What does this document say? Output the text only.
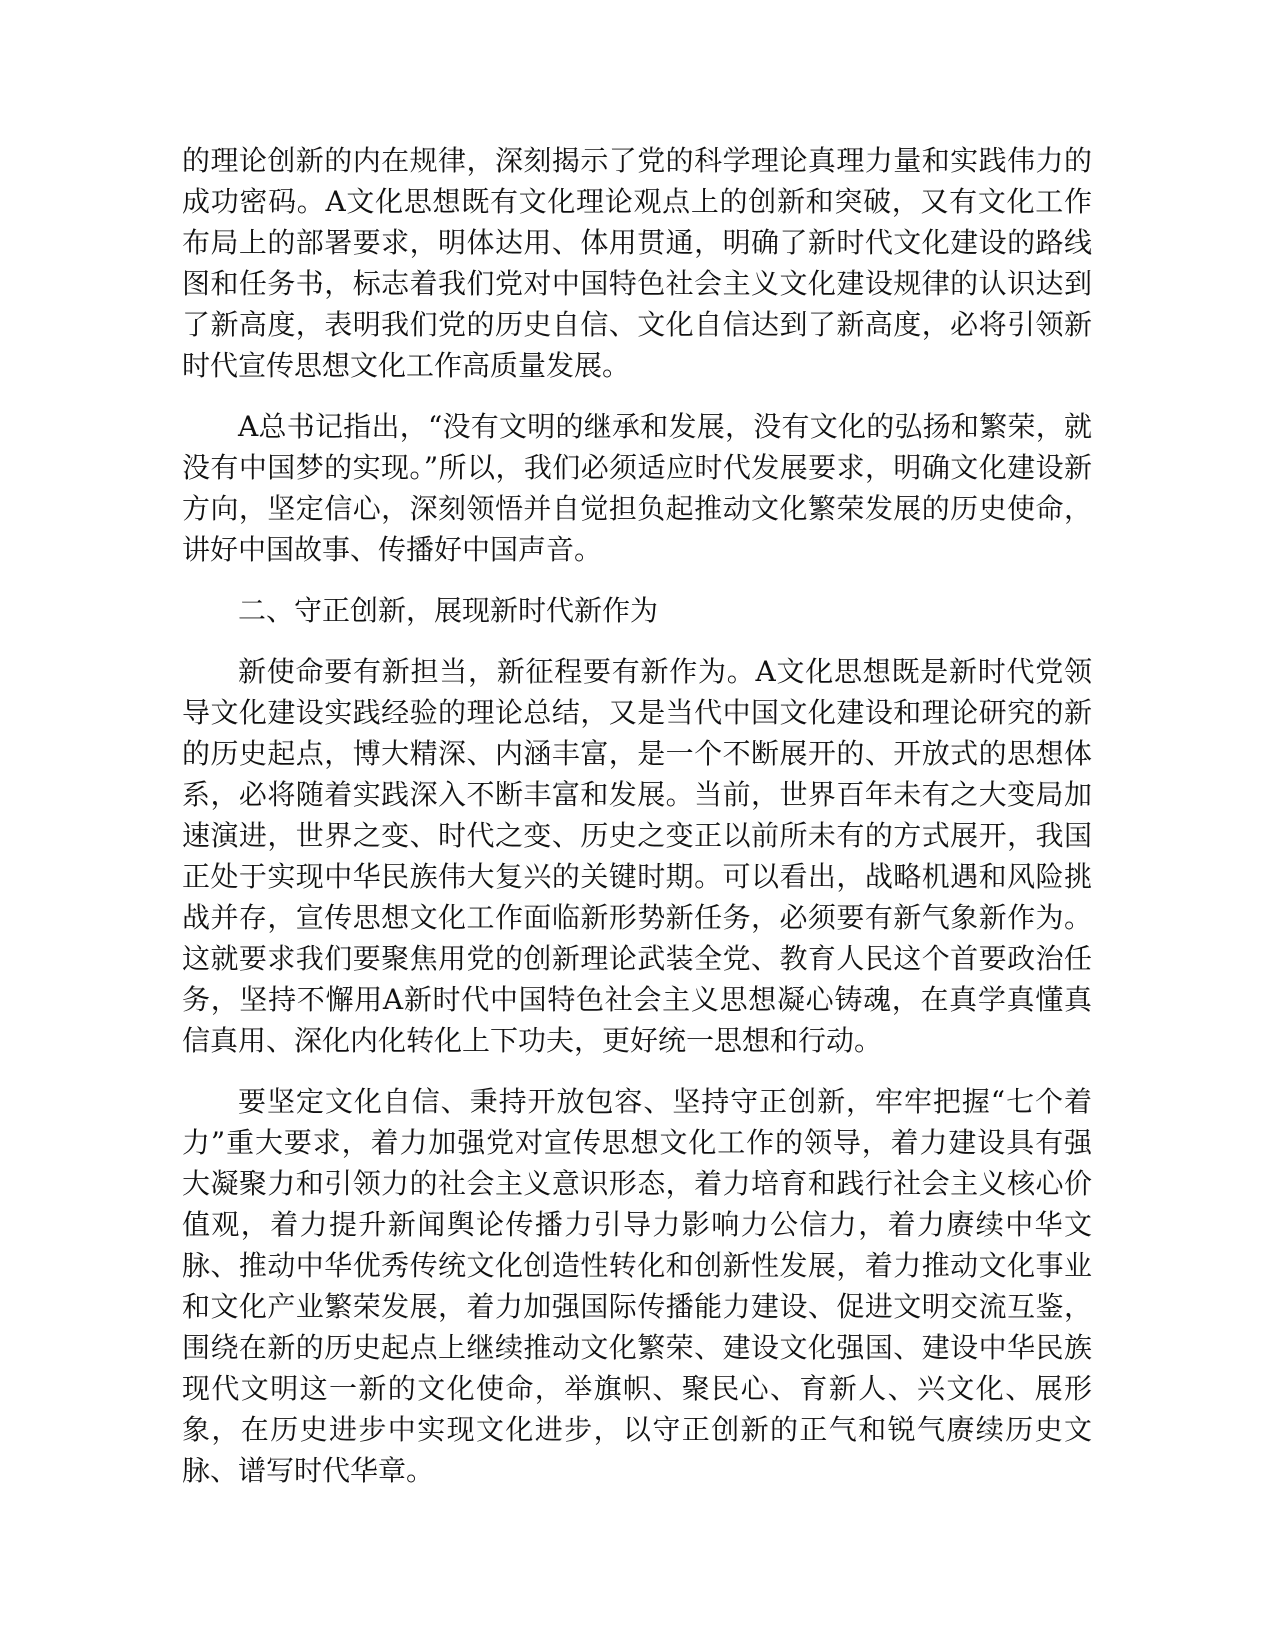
的理论创新的内在规律，深刻揭示了党的科学理论真理力量和实践伟力的成功密码。A文化思想既有文化理论观点上的创新和突破，又有文化工作布局上的部署要求，明体达用、体用贯通，明确了新时代文化建设的路线图和任务书，标志着我们党对中国特色社会主义文化建设规律的认识达到了新高度，表明我们党的历史自信、文化自信达到了新高度，必将引领新时代宣传思想文化工作高质量发展。

A总书记指出，“没有文明的继承和发展，没有文化的弘扬和繁荣，就没有中国梦的实现。”所以，我们必须适应时代发展要求，明确文化建设新方向，坚定信心，深刻领悟并自觉担负起推动文化繁荣发展的历史使命，讲好中国故事、传播好中国声音。

二、守正创新，展现新时代新作为

新使命要有新担当，新征程要有新作为。A文化思想既是新时代党领导文化建设实践经验的理论总结，又是当代中国文化建设和理论研究的新的历史起点，博大精深、内涵丰富，是一个不断展开的、开放式的思想体系，必将随着实践深入不断丰富和发展。当前，世界百年未有之大变局加速演进，世界之变、时代之变、历史之变正以前所未有的方式展开，我国正处于实现中华民族伟大复兴的关键时期。可以看出，战略机遇和风险挑战并存，宣传思想文化工作面临新形势新任务，必须要有新气象新作为。这就要求我们要聚焦用党的创新理论武装全党、教育人民这个首要政治任务，坚持不懈用A新时代中国特色社会主义思想凝心铸魂，在真学真懂真信真用、深化内化转化上下功夫，更好统一思想和行动。

要坚定文化自信、秉持开放包容、坚持守正创新，牢牢把握“七个着力”重大要求，着力加强党对宣传思想文化工作的领导，着力建设具有强大凝聚力和引领力的社会主义意识形态，着力培育和践行社会主义核心价值观，着力提升新闻舆论传播力引导力影响力公信力，着力赓续中华文脉、推动中华优秀传统文化创造性转化和创新性发展，着力推动文化事业和文化产业繁荣发展，着力加强国际传播能力建设、促进文明交流互鉴，围绕在新的历史起点上继续推动文化繁荣、建设文化强国、建设中华民族现代文明这一新的文化使命，举旗帜、聚民心、育新人、兴文化、展形象，在历史进步中实现文化进步，以守正创新的正气和锐气赓续历史文脉、谱写时代华章。
